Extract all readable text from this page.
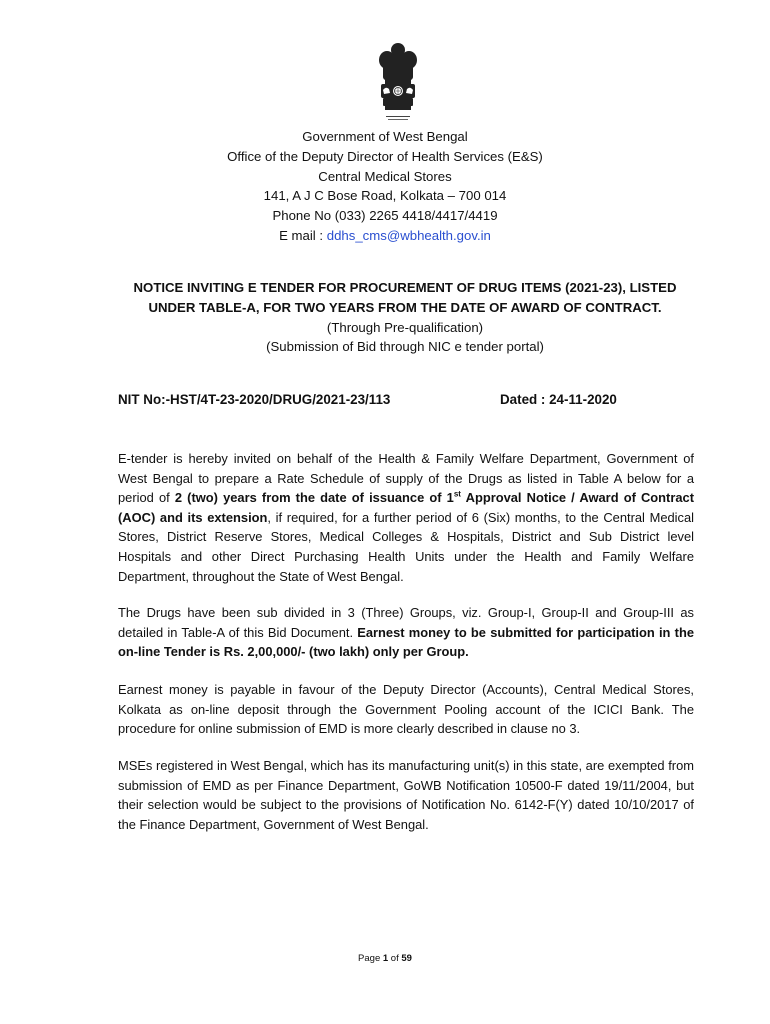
Government of West Bengal
Office of the Deputy Director of Health Services (E&S)
Central Medical Stores
141, A J C Bose Road, Kolkata – 700 014
Phone No (033) 2265 4418/4417/4419
E mail : ddhs_cms@wbhealth.gov.in
NOTICE INVITING E TENDER FOR PROCUREMENT OF DRUG ITEMS (2021-23), LISTED
UNDER TABLE-A, FOR TWO YEARS FROM THE DATE OF AWARD OF CONTRACT.
(Through Pre-qualification)
(Submission of Bid through NIC e tender portal)
NIT No:-HST/4T-23-2020/DRUG/2021-23/113	Dated : 24-11-2020
E-tender is hereby invited on behalf of the Health & Family Welfare Department, Government of West Bengal to prepare a Rate Schedule of supply of the Drugs as listed in Table A below for a period of 2 (two) years from the date of issuance of 1st Approval Notice / Award of Contract (AOC) and its extension, if required, for a further period of 6 (Six) months, to the Central Medical Stores, District Reserve Stores, Medical Colleges & Hospitals, District and Sub District level Hospitals and other Direct Purchasing Health Units under the Health and Family Welfare Department, throughout the State of West Bengal.
The Drugs have been sub divided in 3 (Three) Groups, viz. Group-I, Group-II and Group-III as detailed in Table-A of this Bid Document. Earnest money to be submitted for participation in the on-line Tender is Rs. 2,00,000/- (two lakh) only per Group.
Earnest money is payable in favour of the Deputy Director (Accounts), Central Medical Stores, Kolkata as on-line deposit through the Government Pooling account of the ICICI Bank. The procedure for online submission of EMD is more clearly described in clause no 3.
MSEs registered in West Bengal, which has its manufacturing unit(s) in this state, are exempted from submission of EMD as per Finance Department, GoWB Notification 10500-F dated 19/11/2004, but their selection would be subject to the provisions of Notification No. 6142-F(Y) dated 10/10/2017 of the Finance Department, Government of West Bengal.
Page 1 of 59
